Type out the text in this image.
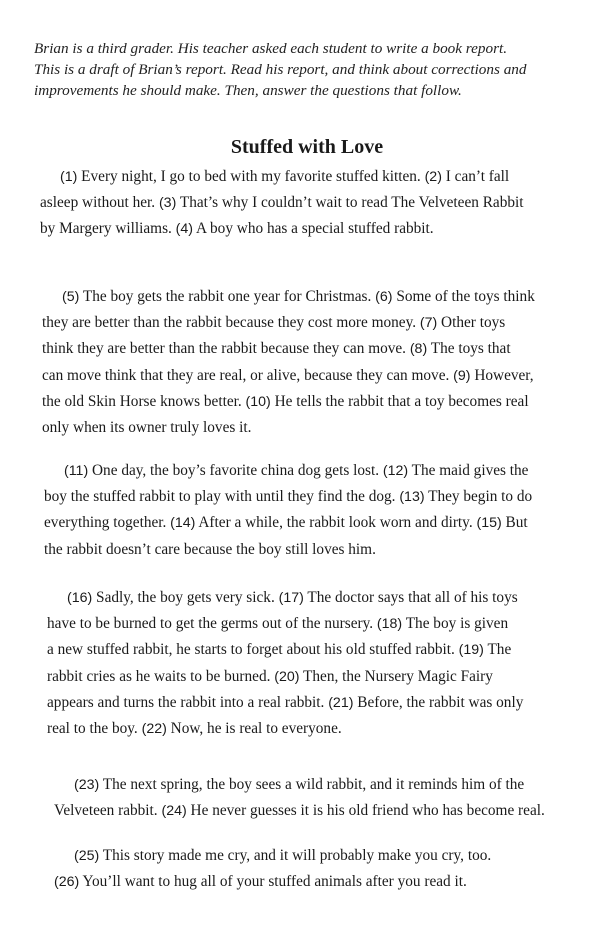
Brian is a third grader. His teacher asked each student to write a book report.
This is a draft of Brian’s report. Read his report, and think about corrections and
improvements he should make. Then, answer the questions that follow.
Stuffed with Love
(1) Every night, I go to bed with my favorite stuffed kitten. (2) I can’t fall
asleep without her. (3) That’s why I couldn’t wait to read The Velveteen Rabbit
by Margery williams. (4) A boy who has a special stuffed rabbit.
(5) The boy gets the rabbit one year for Christmas. (6) Some of the toys think
they are better than the rabbit because they cost more money. (7) Other toys
think they are better than the rabbit because they can move. (8) The toys that
can move think that they are real, or alive, because they can move. (9) However,
the old Skin Horse knows better. (10) He tells the rabbit that a toy becomes real
only when its owner truly loves it.
(11) One day, the boy’s favorite china dog gets lost. (12) The maid gives the
boy the stuffed rabbit to play with until they find the dog. (13) They begin to do
everything together. (14) After a while, the rabbit look worn and dirty. (15) But
the rabbit doesn’t care because the boy still loves him.
(16) Sadly, the boy gets very sick. (17) The doctor says that all of his toys
have to be burned to get the germs out of the nursery. (18) The boy is given
a new stuffed rabbit, he starts to forget about his old stuffed rabbit. (19) The
rabbit cries as he waits to be burned. (20) Then, the Nursery Magic Fairy
appears and turns the rabbit into a real rabbit. (21) Before, the rabbit was only
real to the boy. (22) Now, he is real to everyone.
(23) The next spring, the boy sees a wild rabbit, and it reminds him of the
Velveteen rabbit. (24) He never guesses it is his old friend who has become real.
(25) This story made me cry, and it will probably make you cry, too.
(26) You’ll want to hug all of your stuffed animals after you read it.
